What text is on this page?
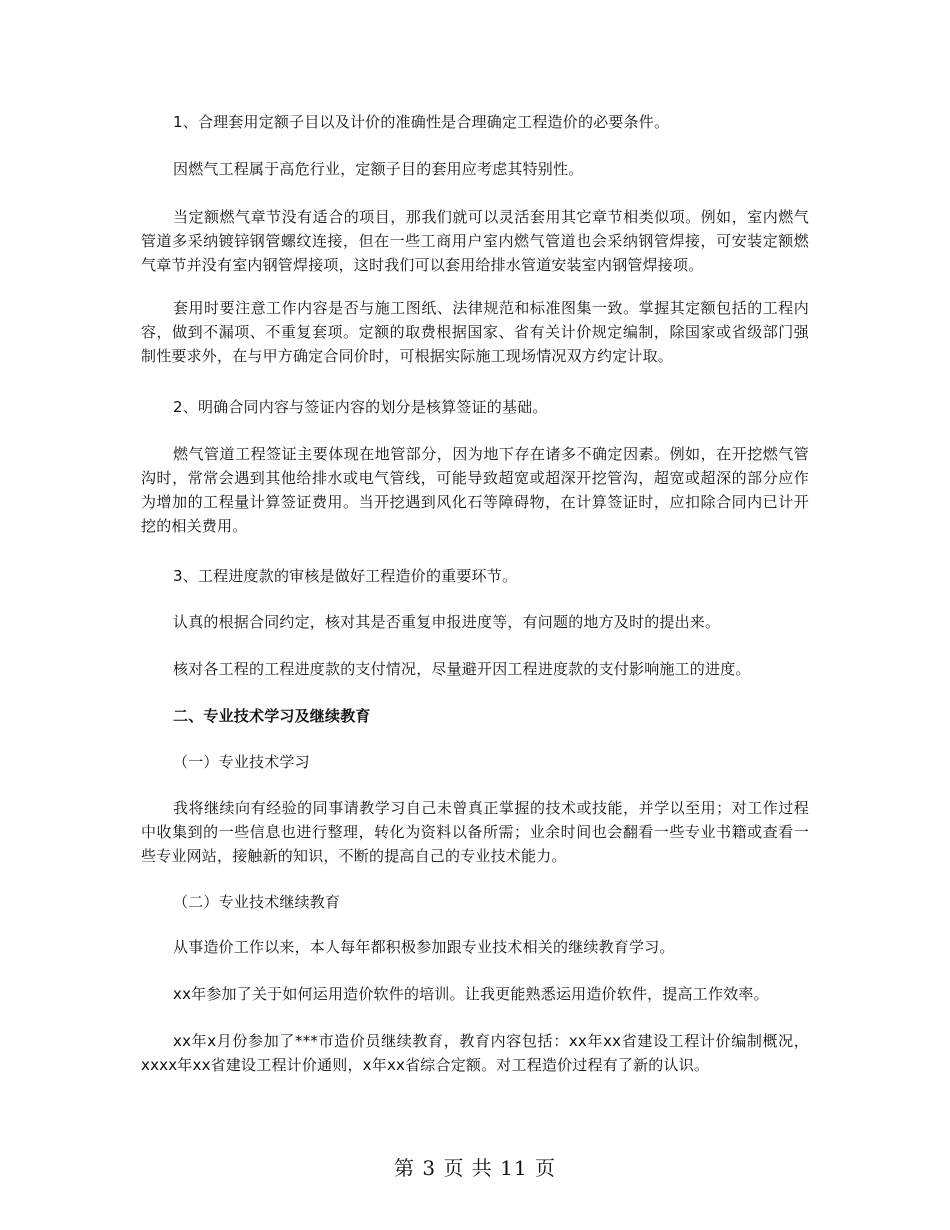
1、合理套用定额子目以及计价的准确性是合理确定工程造价的必要条件。

因燃气工程属于高危行业，定额子目的套用应考虑其特别性。

当定额燃气章节没有适合的项目，那我们就可以灵活套用其它章节相类似项。例如，室内燃气管道多采纳镀锌钢管螺纹连接，但在一些工商用户室内燃气管道也会采纳钢管焊接，可安装定额燃气章节并没有室内钢管焊接项，这时我们可以套用给排水管道安装室内钢管焊接项。

套用时要注意工作内容是否与施工图纸、法律规范和标准图集一致。掌握其定额包括的工程内容，做到不漏项、不重复套项。定额的取费根据国家、省有关计价规定编制，除国家或省级部门强制性要求外，在与甲方确定合同价时，可根据实际施工现场情况双方约定计取。

2、明确合同内容与签证内容的划分是核算签证的基础。

燃气管道工程签证主要体现在地管部分，因为地下存在诸多不确定因素。例如，在开挖燃气管沟时，常常会遇到其他给排水或电气管线，可能导致超宽或超深开挖管沟，超宽或超深的部分应作为增加的工程量计算签证费用。当开挖遇到风化石等障碍物，在计算签证时，应扣除合同内已计开挖的相关费用。

3、工程进度款的审核是做好工程造价的重要环节。

认真的根据合同约定，核对其是否重复申报进度等，有问题的地方及时的提出来。

核对各工程的工程进度款的支付情况，尽量避开因工程进度款的支付影响施工的进度。

二、专业技术学习及继续教育

（一）专业技术学习

我将继续向有经验的同事请教学习自己未曾真正掌握的技术或技能，并学以至用；对工作过程中收集到的一些信息也进行整理，转化为资料以备所需；业余时间也会翻看一些专业书籍或查看一些专业网站，接触新的知识，不断的提高自己的专业技术能力。

（二）专业技术继续教育

从事造价工作以来，本人每年都积极参加跟专业技术相关的继续教育学习。

xx年参加了关于如何运用造价软件的培训。让我更能熟悉运用造价软件，提高工作效率。

xx年x月份参加了***市造价员继续教育，教育内容包括：xx年xx省建设工程计价编制概况，xxxx年xx省建设工程计价通则，x年xx省综合定额。对工程造价过程有了新的认识。

第 3 页 共 11 页
